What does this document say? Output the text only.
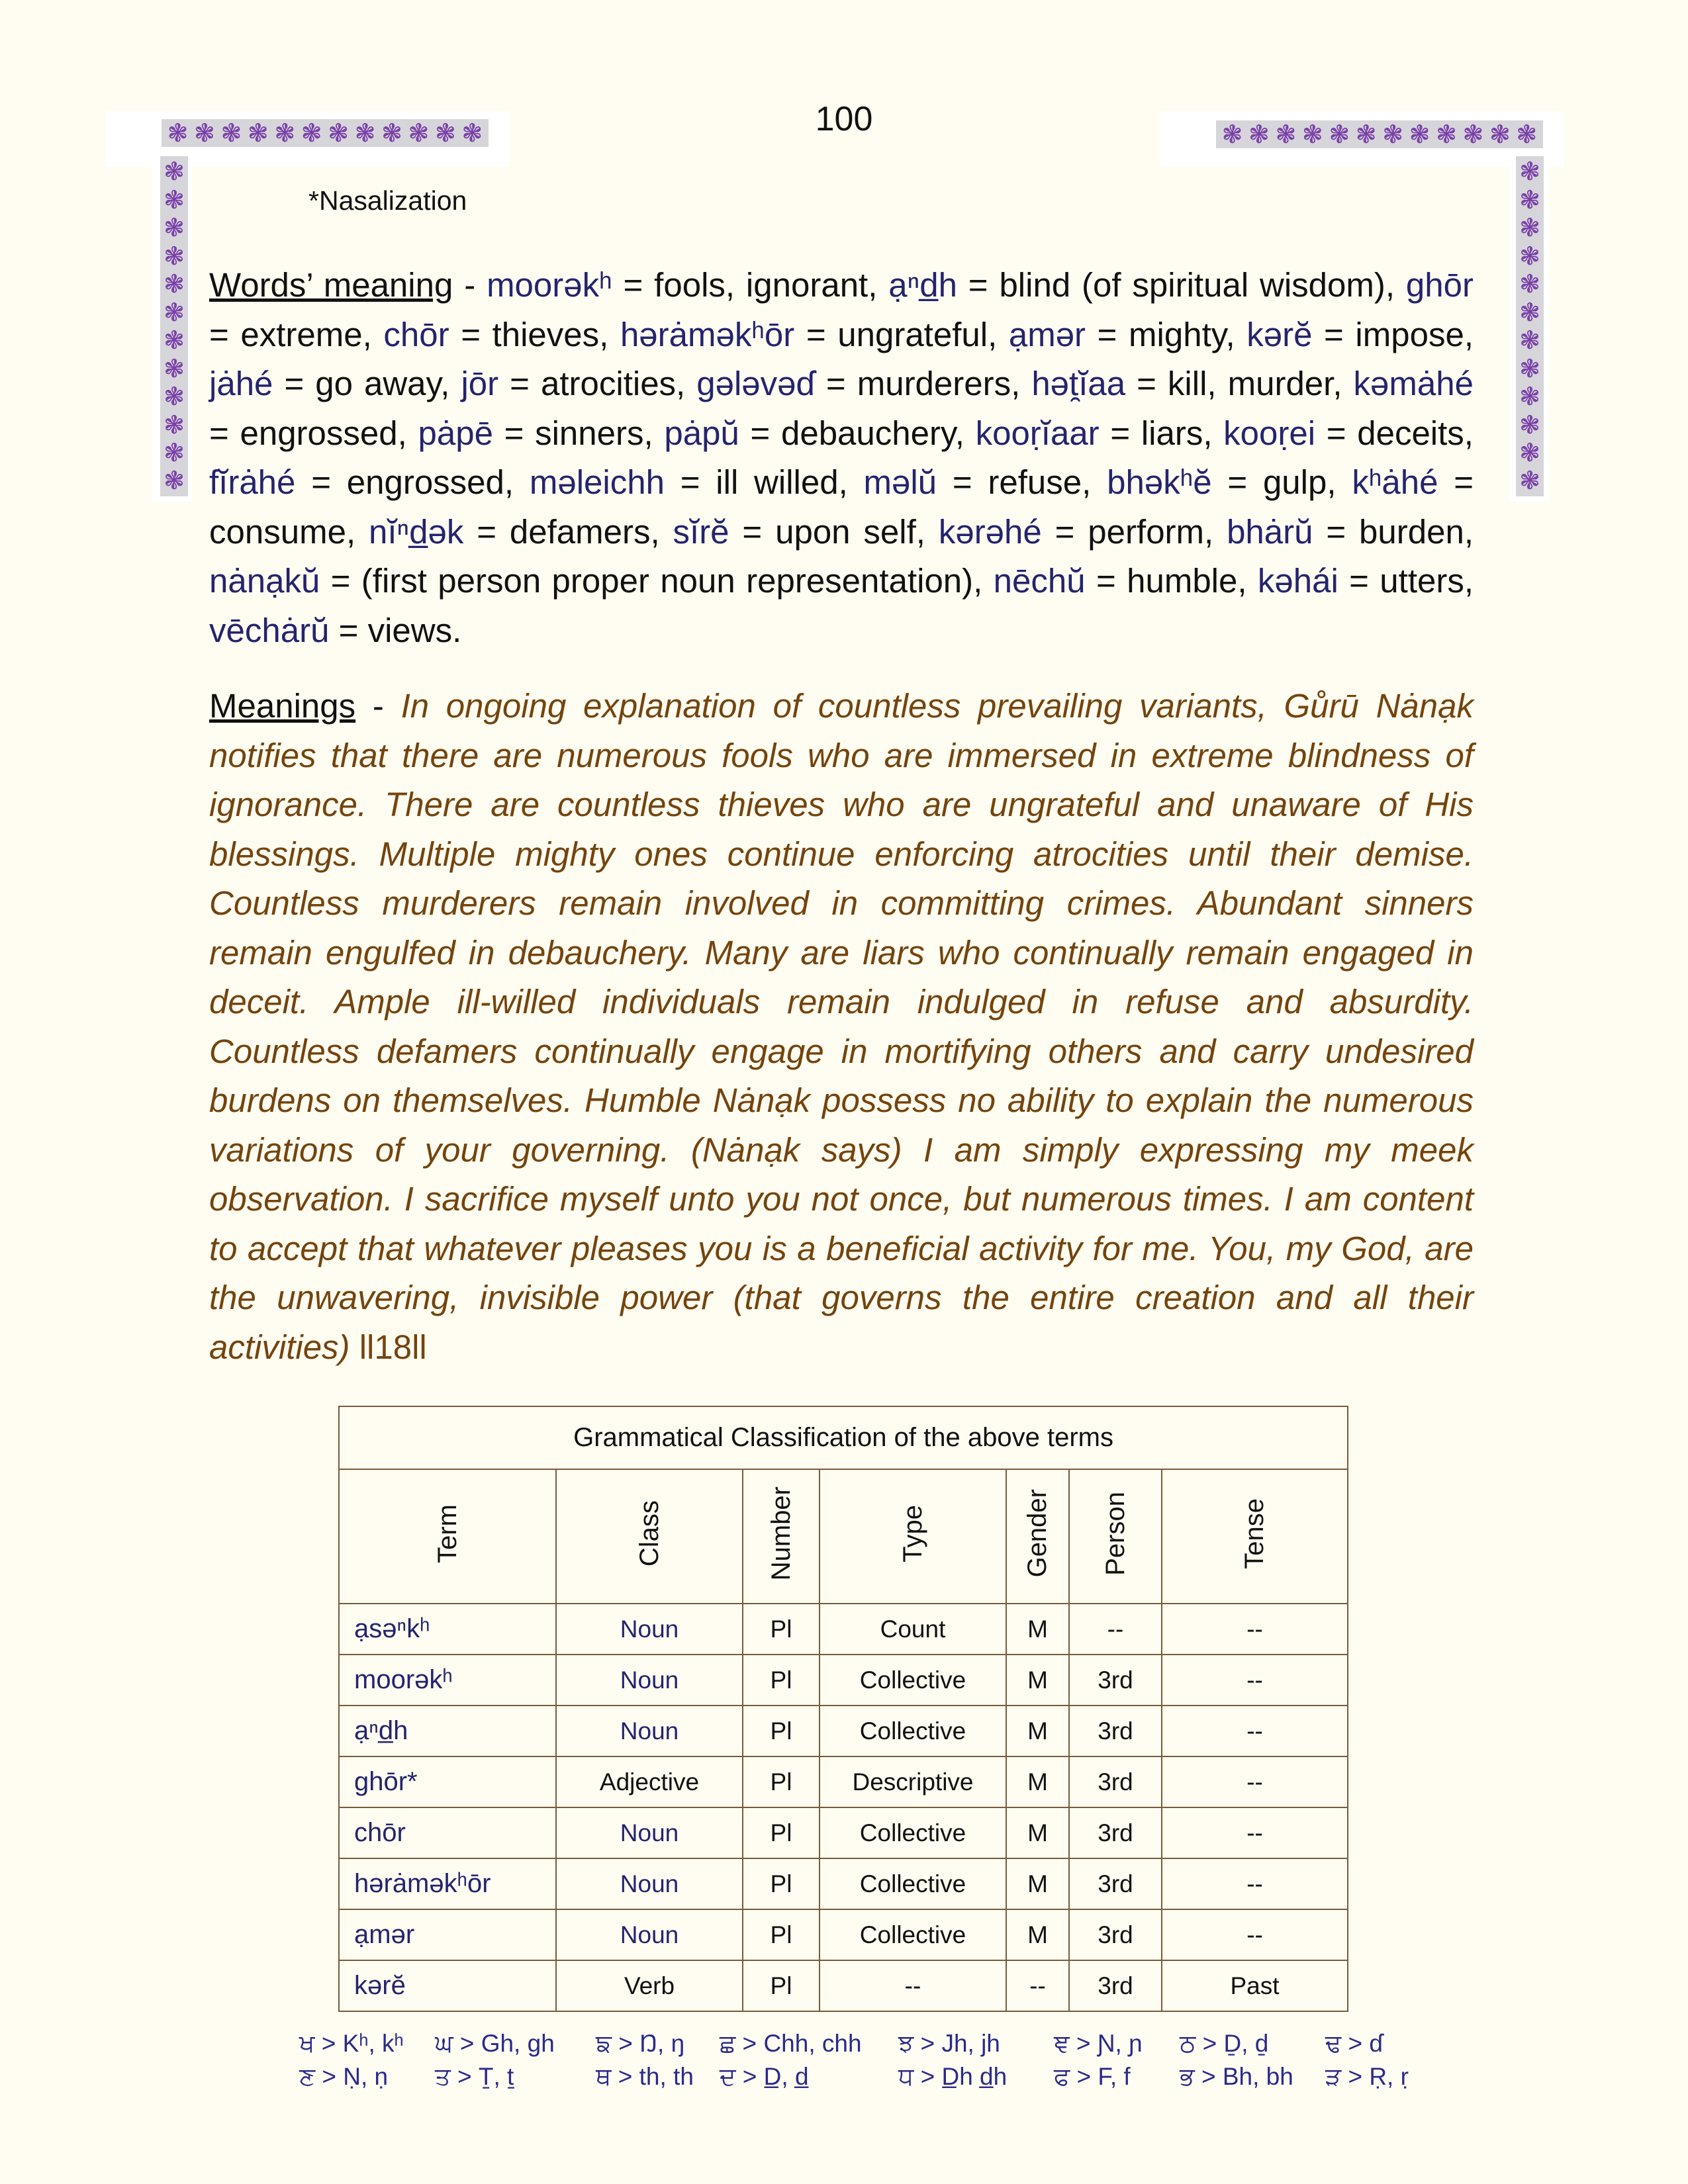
❃ ❃ ❃ ❃ ❃ ❃ ❃ ❃ ❃ ❃ ❃ ❃	❃ ❃ ❃ ❃ ❃ ❃ ❃ ❃ ❃ ❃ ❃ ❃
❃
❃
❃
❃
❃
❃
❃
❃
❃
❃
❃
❃
❃
❃
❃
❃
❃
❃
❃
❃
❃
❃
❃
❃
100
*Nasalization
Words’ meaning - moorəkʰ = fools, ignorant, ạⁿd̲h = blind (of spiritual wisdom), ghōr = extreme, chōr = thieves, hərȧməkʰōr = ungrateful, ạmər = mighty, kərĕ = impose, jȧhé = go away, jōr = atrocities, gələvəɗ = murderers, hət̯ĭaa = kill, murder, kəmȧhé = engrossed, pȧpē = sinners, pȧpŭ = debauchery, kooṛĭaar = liars, kooṛei = deceits, fĭrȧhé = engrossed, məleichh = ill willed, məlŭ = refuse, bhəkʰĕ = gulp, kʰȧhé = consume, nĭⁿd̲ək = defamers, sĭrĕ = upon self, kərəhé = perform, bhȧrŭ = burden, nȧnạkŭ = (first person proper noun representation), nēchŭ = humble, kəhái = utters, vēchȧrŭ = views.
Meanings - In ongoing explanation of countless prevailing variants, Gůrū Nȧnạk notifies that there are numerous fools who are immersed in extreme blindness of ignorance. There are countless thieves who are ungrateful and unaware of His blessings. Multiple mighty ones continue enforcing atrocities until their demise. Countless murderers remain involved in committing crimes. Abundant sinners remain engulfed in debauchery. Many are liars who continually remain engaged in deceit. Ample ill-willed individuals remain indulged in refuse and absurdity. Countless defamers continually engage in mortifying others and carry undesired burdens on themselves. Humble Nȧnạk possess no ability to explain the numerous variations of your governing. (Nȧnạk says) I am simply expressing my meek observation. I sacrifice myself unto you not once, but numerous times. I am content to accept that whatever pleases you is a beneficial activity for me. You, my God, are the unwavering, invisible power (that governs the entire creation and all their activities) ll18ll
Grammatical Classification of the above terms						
Term	Class	Number	Type	Gender	Person	Tense
ạsəⁿkʰ	Noun	Pl	Count	M	--	--
moorəkʰ	Noun	Pl	Collective	M	3rd	--
ạⁿd̲h	Noun	Pl	Collective	M	3rd	--
ghōr*	Adjective	Pl	Descriptive	M	3rd	--
chōr	Noun	Pl	Collective	M	3rd	--
hərȧməkʰōr	Noun	Pl	Collective	M	3rd	--
ạmər	Noun	Pl	Collective	M	3rd	--
kərĕ	Verb	Pl	--	--	3rd	Past
ਖ > Kʰ, kʰ ਘ > Gh, gh ਙ > Ŋ, ŋ ਛ > Chh, chh ਝ > Jh, jh ਞ > Ɲ, ɲ ਠ > Ḏ, ḏ ਢ > ɗ
ਣ > Ṇ, ṇ ਤ > Ṯ, ṯ	ਥ > th, th ਦ > D̲, d̲	ਧ > D̲h d̲h ਫ > F, f ਭ > Bh, bh ੜ > Ṛ, ṛ
